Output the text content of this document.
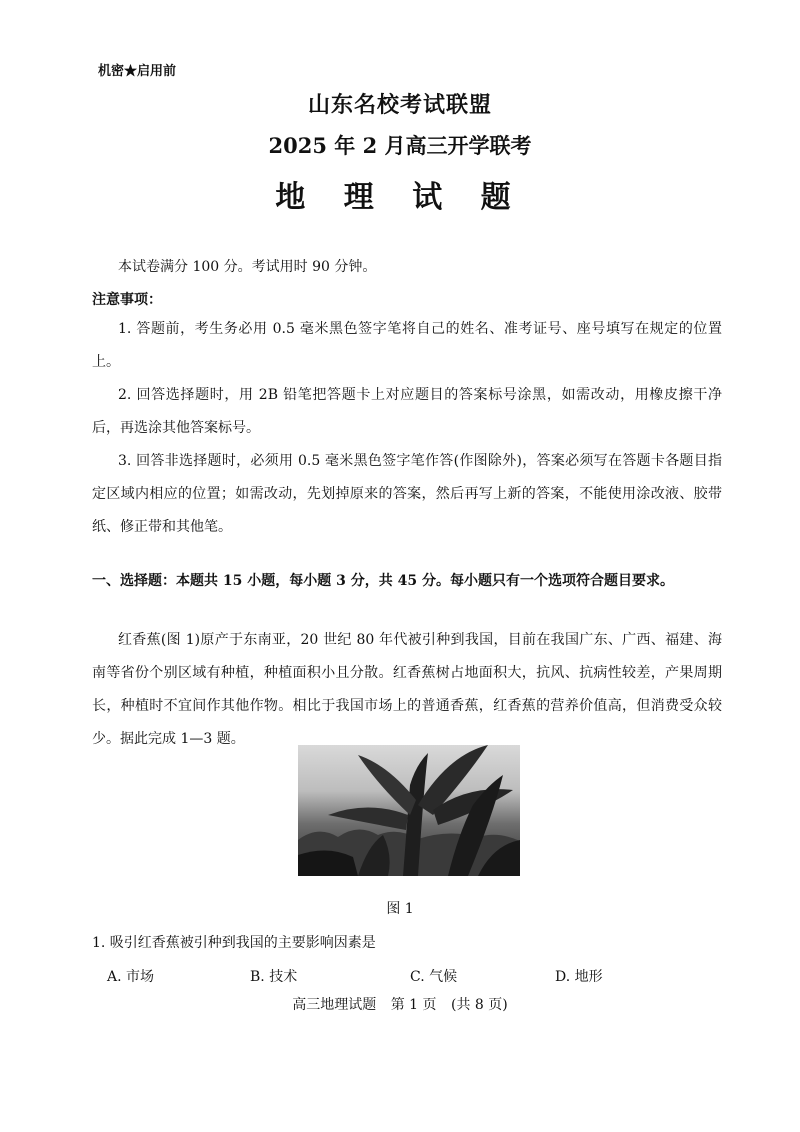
机密★启用前
山东名校考试联盟
2025 年 2 月高三开学联考
地 理 试 题
本试卷满分 100 分。考试用时 90 分钟。
注意事项：
1. 答题前，考生务必用 0.5 毫米黑色签字笔将自己的姓名、准考证号、座号填写在规定的位置上。
2. 回答选择题时，用 2B 铅笔把答题卡上对应题目的答案标号涂黑，如需改动，用橡皮擦干净后，再选涂其他答案标号。
3. 回答非选择题时，必须用 0.5 毫米黑色签字笔作答(作图除外)，答案必须写在答题卡各题目指定区域内相应的位置；如需改动，先划掉原来的答案，然后再写上新的答案，不能使用涂改液、胶带纸、修正带和其他笔。
一、选择题：本题共 15 小题，每小题 3 分，共 45 分。每小题只有一个选项符合题目要求。
红香蕉(图 1)原产于东南亚，20 世纪 80 年代被引种到我国，目前在我国广东、广西、福建、海南等省份个别区域有种植，种植面积小且分散。红香蕉树占地面积大，抗风、抗病性较差，产果周期长，种植时不宜间作其他作物。相比于我国市场上的普通香蕉，红香蕉的营养价值高，但消费受众较少。据此完成 1—3 题。
图 1
1. 吸引红香蕉被引种到我国的主要影响因素是
A. 市场	B. 技术	C. 气候	D. 地形
高三地理试题 第 1 页 (共 8 页)
